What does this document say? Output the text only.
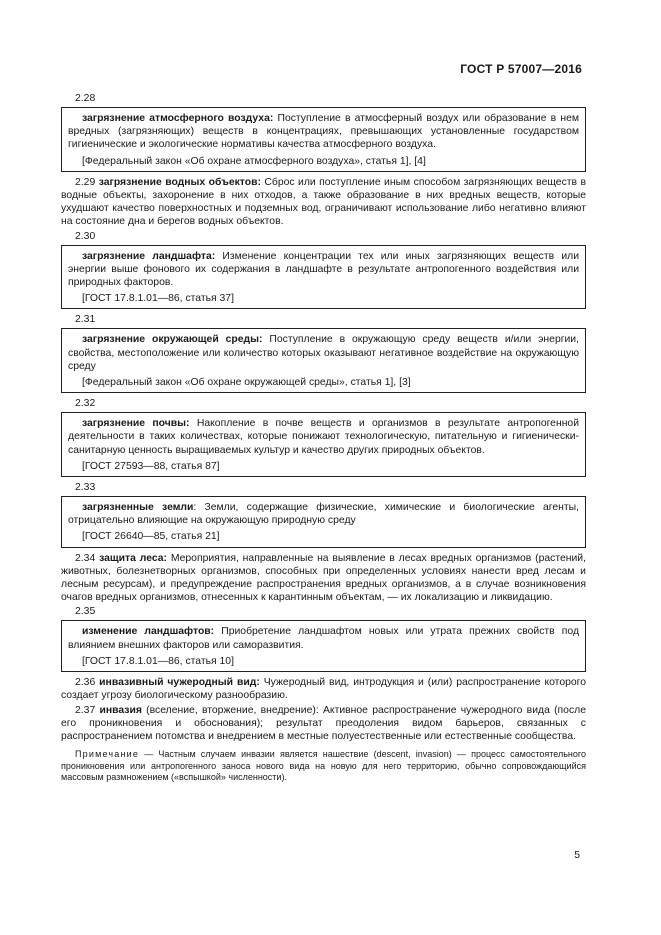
ГОСТ Р 57007—2016
2.28

загрязнение атмосферного воздуха: Поступление в атмосферный воздух или образование в нем вредных (загрязняющих) веществ в концентрациях, превышающих установленные государством гигиенические и экологические нормативы качества атмосферного воздуха.

[Федеральный закон «Об охране атмосферного воздуха», статья 1], [4]

2.29 загрязнение водных объектов: Сброс или поступление иным способом загрязняющих веществ в водные объекты, захоронение в них отходов, а также образование в них вредных веществ, которые ухудшают качество поверхностных и подземных вод, ограничивают использование либо негативно влияют на состояние дна и берегов водных объектов.

2.30

загрязнение ландшафта: Изменение концентрации тех или иных загрязняющих веществ или энергии выше фонового их содержания в ландшафте в результате антропогенного воздействия или природных факторов.

[ГОСТ 17.8.1.01—86, статья 37]

2.31

загрязнение окружающей среды: Поступление в окружающую среду веществ и/или энергии, свойства, местоположение или количество которых оказывают негативное воздействие на окружающую среду

[Федеральный закон «Об охране окружающей среды», статья 1], [3]

2.32

загрязнение почвы: Накопление в почве веществ и организмов в результате антропогенной деятельности в таких количествах, которые понижают технологическую, питательную и гигиенически-санитарную ценность выращиваемых культур и качество других природных объектов.

[ГОСТ 27593—88, статья 87]

2.33

загрязненные земли: Земли, содержащие физические, химические и биологические агенты, отрицательно влияющие на окружающую природную среду

[ГОСТ 26640—85, статья 21]

2.34 защита леса: Мероприятия, направленные на выявление в лесах вредных организмов (растений, животных, болезнетворных организмов, способных при определенных условиях нанести вред лесам и лесным ресурсам), и предупреждение распространения вредных организмов, а в случае возникновения очагов вредных организмов, отнесенных к карантинным объектам, — их локализацию и ликвидацию.

2.35

изменение ландшафтов: Приобретение ландшафтом новых или утрата прежних свойств под влиянием внешних факторов или саморазвития.

[ГОСТ 17.8.1.01—86, статья 10]

2.36 инвазивный чужеродный вид: Чужеродный вид, интродукция и (или) распространение которого создает угрозу биологическому разнообразию.

2.37 инвазия (вселение, вторжение, внедрение): Активное распространение чужеродного вида (после его проникновения и обоснования); результат преодоления видом барьеров, связанных с распространением потомства и внедрением в местные полуестественные или естественные сообщества.

Примечание — Частным случаем инвазии является нашествие (descent, invasion) — процесс самостоятельного проникновения или антропогенного заноса нового вида на новую для него территорию, обычно сопровождающийся массовым размножением («вспышкой» численности).

5
